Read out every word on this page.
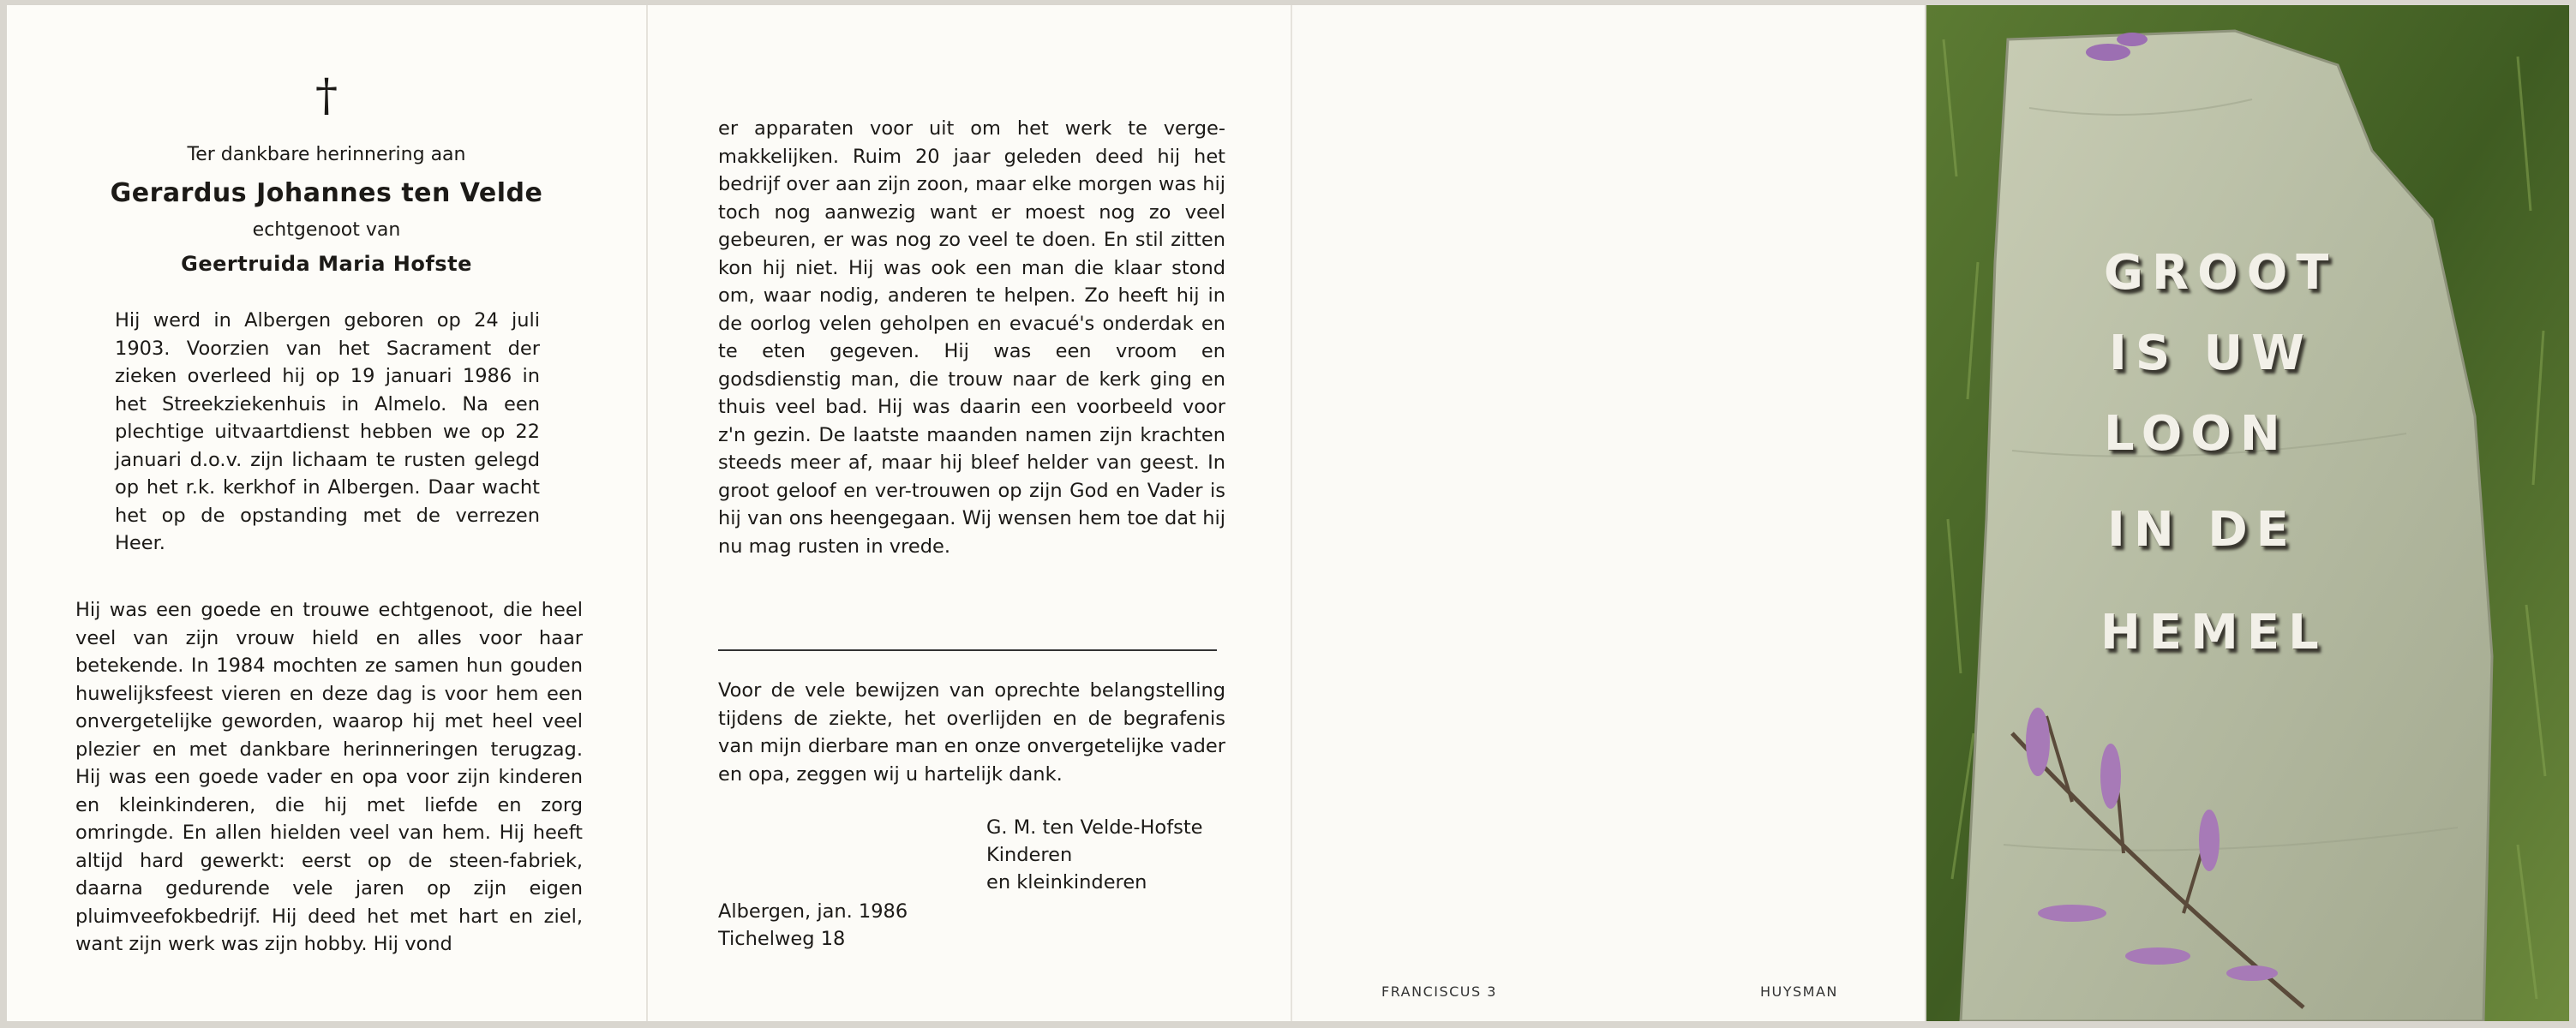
†

Ter dankbare herinnering aan

Gerardus Johannes ten Velde

echtgenoot van

Geertruida Maria Hofste

Hij werd in Albergen geboren op 24 juli 1903. Voorzien van het Sacrament der zieken overleed hij op 19 januari 1986 in het Streekziekenhuis in Almelo. Na een plechtige uitvaartdienst hebben we op 22 januari d.o.v. zijn lichaam te rusten gelegd op het r.k. kerkhof in Albergen. Daar wacht het op de opstanding met de verrezen Heer.

Hij was een goede en trouwe echtgenoot, die heel veel van zijn vrouw hield en alles voor haar betekende. In 1984 mochten ze samen hun gouden huwelijksfeest vieren en deze dag is voor hem een onvergetelijke geworden, waarop hij met heel veel plezier en met dankbare herinneringen terugzag. Hij was een goede vader en opa voor zijn kinderen en kleinkinderen, die hij met liefde en zorg omringde. En allen hielden veel van hem. Hij heeft altijd hard gewerkt: eerst op de steen-fabriek, daarna gedurende vele jaren op zijn eigen pluimveefokbedrijf. Hij deed het met hart en ziel, want zijn werk was zijn hobby. Hij vond

er apparaten voor uit om het werk te verge-makkelijken. Ruim 20 jaar geleden deed hij het bedrijf over aan zijn zoon, maar elke morgen was hij toch nog aanwezig want er moest nog zo veel gebeuren, er was nog zo veel te doen. En stil zitten kon hij niet. Hij was ook een man die klaar stond om, waar nodig, anderen te helpen. Zo heeft hij in de oorlog velen geholpen en evacué's onderdak en te eten gegeven. Hij was een vroom en godsdienstig man, die trouw naar de kerk ging en thuis veel bad. Hij was daarin een voorbeeld voor z'n gezin. De laatste maanden namen zijn krachten steeds meer af, maar hij bleef helder van geest. In groot geloof en ver-trouwen op zijn God en Vader is hij van ons heengegaan. Wij wensen hem toe dat hij nu mag rusten in vrede.

Voor de vele bewijzen van oprechte belangstelling tijdens de ziekte, het overlijden en de begrafenis van mijn dierbare man en onze onvergetelijke vader en opa, zeggen wij u hartelijk dank.

G. M. ten Velde-Hofste

Kinderen

en kleinkinderen

Albergen, jan. 1986

Tichelweg 18

FRANCISCUS 3	HUYSMAN
GROOT
IS UW
LOON
IN DE
HEMEL
